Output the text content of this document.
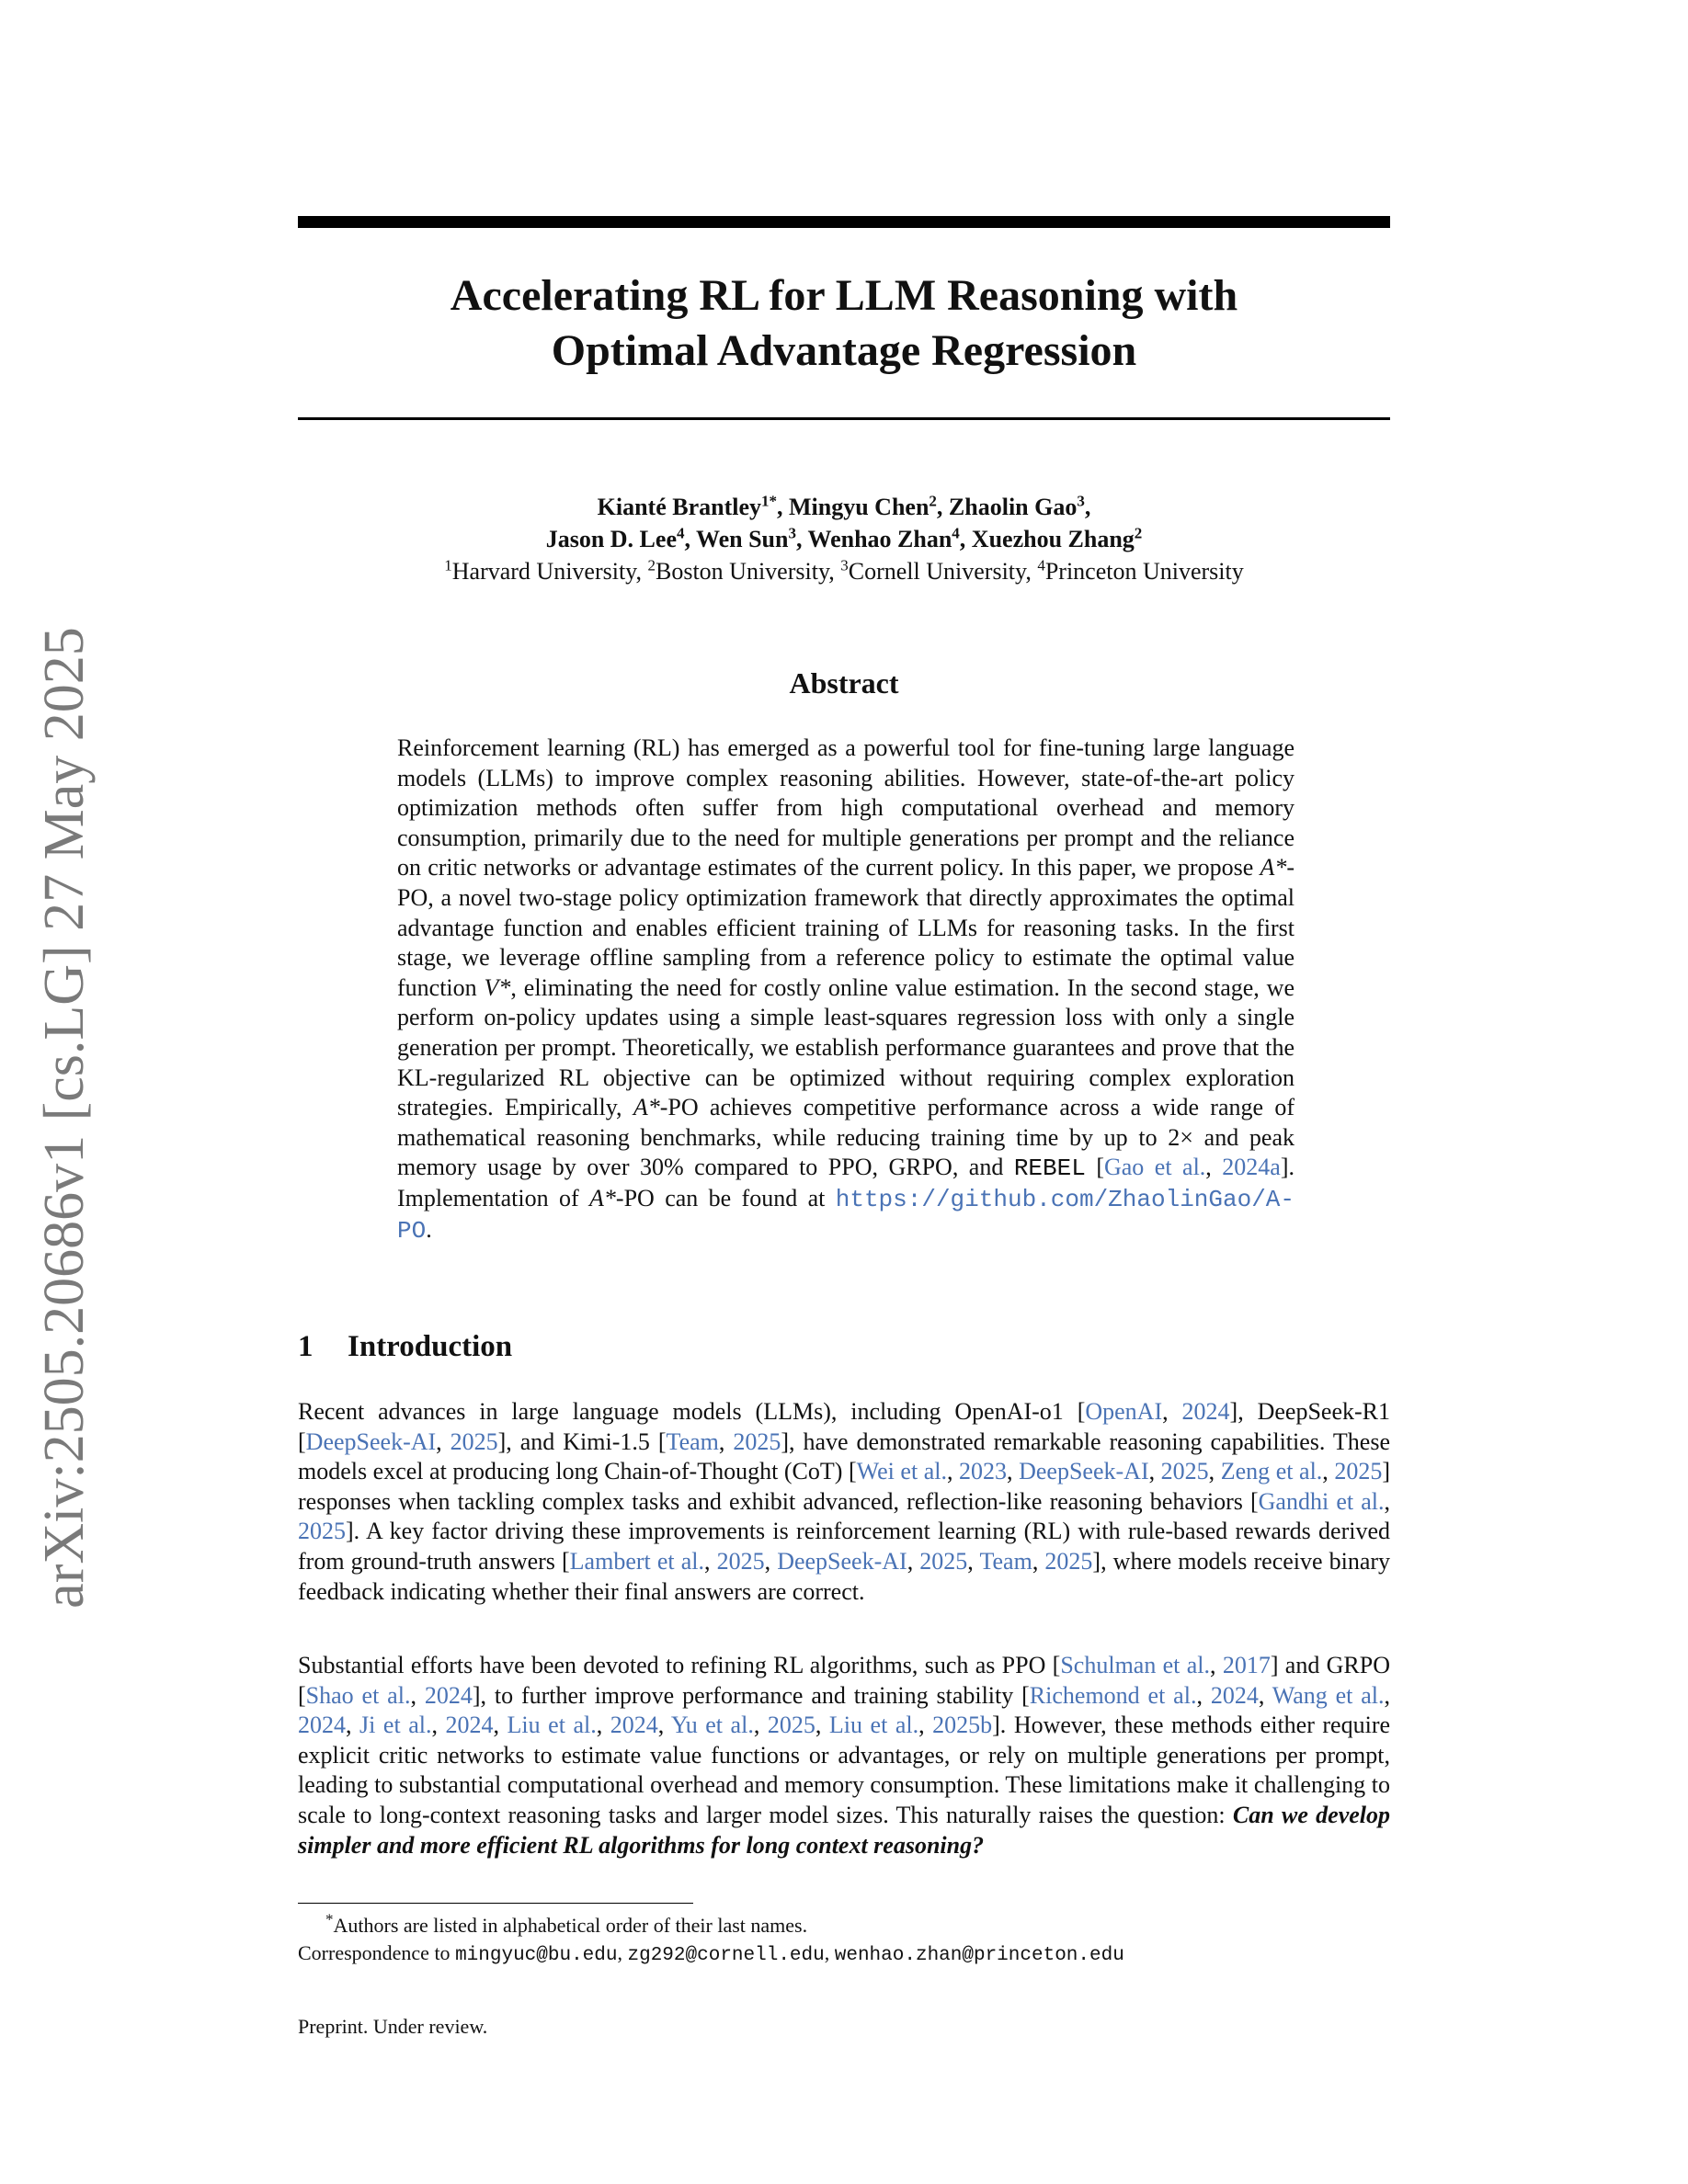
arXiv:2505.20686v1 [cs.LG] 27 May 2025
Accelerating RL for LLM Reasoning with
Optimal Advantage Regression
Kianté Brantley$^{1*}$, Mingyu Chen$^2$, Zhaolin Gao$^3$,
Jason D. Lee$^4$, Wen Sun$^3$, Wenhao Zhan$^4$, Xuezhou Zhang$^2$
$^1$Harvard University, $^2$Boston University, $^3$Cornell University, $^4$Princeton University
Abstract
Reinforcement learning (RL) has emerged as a powerful tool for fine-tuning large language models (LLMs) to improve complex reasoning abilities. However, state-of-the-art policy optimization methods often suffer from high computational overhead and memory consumption, primarily due to the need for multiple generations per prompt and the reliance on critic networks or advantage estimates of the current policy. In this paper, we propose A*-PO, a novel two-stage policy optimization framework that directly approximates the optimal advantage function and enables efficient training of LLMs for reasoning tasks. In the first stage, we leverage offline sampling from a reference policy to estimate the optimal value function V*, eliminating the need for costly online value estimation. In the second stage, we perform on-policy updates using a simple least-squares regression loss with only a single generation per prompt. Theoretically, we establish performance guarantees and prove that the KL-regularized RL objective can be optimized without requiring complex exploration strategies. Empirically, A*-PO achieves competitive performance across a wide range of mathematical reasoning benchmarks, while reducing training time by up to 2× and peak memory usage by over 30% compared to PPO, GRPO, and REBEL [Gao et al., 2024a]. Implementation of A*-PO can be found at https://github.com/ZhaolinGao/A-PO.
1 Introduction
Recent advances in large language models (LLMs), including OpenAI-o1 [OpenAI, 2024], DeepSeek-R1 [DeepSeek-AI, 2025], and Kimi-1.5 [Team, 2025], have demonstrated remarkable reasoning capabilities. These models excel at producing long Chain-of-Thought (CoT) [Wei et al., 2023, DeepSeek-AI, 2025, Zeng et al., 2025] responses when tackling complex tasks and exhibit advanced, reflection-like reasoning behaviors [Gandhi et al., 2025]. A key factor driving these improvements is reinforcement learning (RL) with rule-based rewards derived from ground-truth answers [Lambert et al., 2025, DeepSeek-AI, 2025, Team, 2025], where models receive binary feedback indicating whether their final answers are correct.
Substantial efforts have been devoted to refining RL algorithms, such as PPO [Schulman et al., 2017] and GRPO [Shao et al., 2024], to further improve performance and training stability [Richemond et al., 2024, Wang et al., 2024, Ji et al., 2024, Liu et al., 2024, Yu et al., 2025, Liu et al., 2025b]. However, these methods either require explicit critic networks to estimate value functions or advantages, or rely on multiple generations per prompt, leading to substantial computational overhead and memory consumption. These limitations make it challenging to scale to long-context reasoning tasks and larger model sizes. This naturally raises the question: Can we develop simpler and more efficient RL algorithms for long context reasoning?
*Authors are listed in alphabetical order of their last names.
Correspondence to mingyuc@bu.edu, zg292@cornell.edu, wenhao.zhan@princeton.edu
Preprint. Under review.
